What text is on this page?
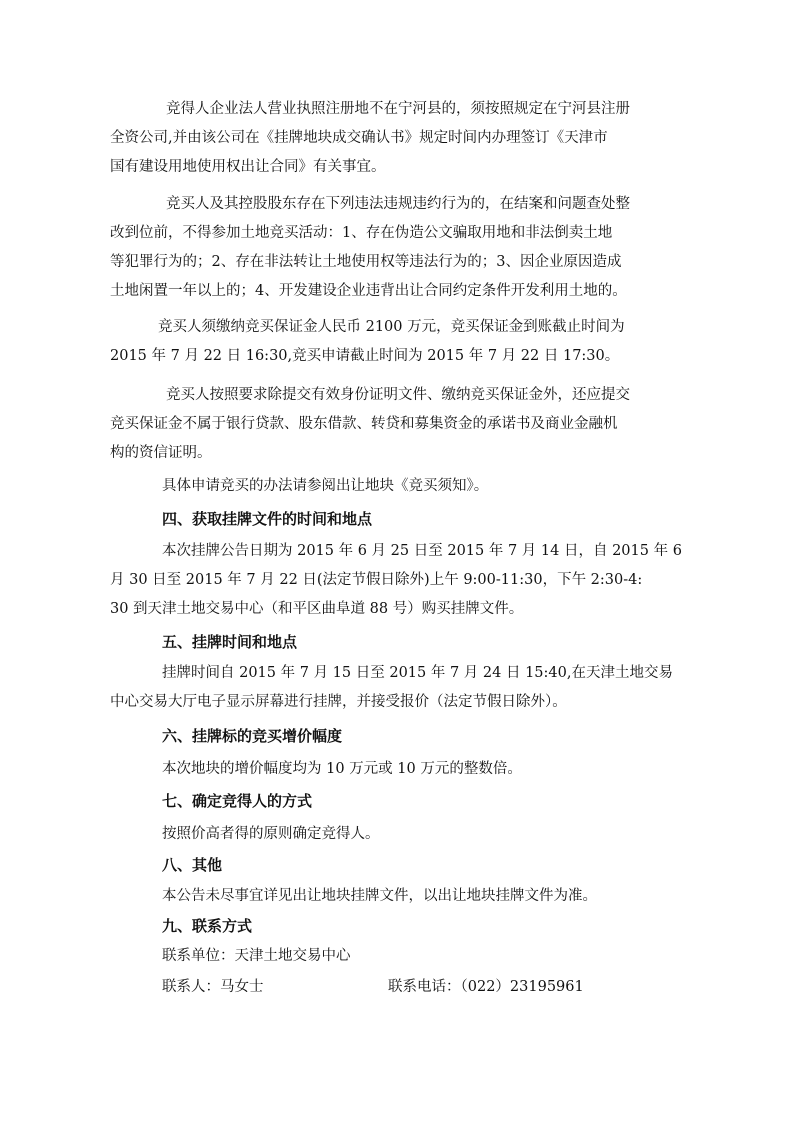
竞得人企业法人营业执照注册地不在宁河县的，须按照规定在宁河县注册
全资公司,并由该公司在《挂牌地块成交确认书》规定时间内办理签订《天津市
国有建设用地使用权出让合同》有关事宜。
竞买人及其控股股东存在下列违法违规违约行为的，在结案和问题查处整
改到位前，不得参加土地竞买活动：1、存在伪造公文骗取用地和非法倒卖土地
等犯罪行为的；2、存在非法转让土地使用权等违法行为的；3、因企业原因造成
土地闲置一年以上的；4、开发建设企业违背出让合同约定条件开发利用土地的。
竞买人须缴纳竞买保证金人民币 2100 万元，竞买保证金到账截止时间为
2015 年 7 月 22 日 16:30,竞买申请截止时间为 2015 年 7 月 22 日 17:30。
竞买人按照要求除提交有效身份证明文件、缴纳竞买保证金外，还应提交
竞买保证金不属于银行贷款、股东借款、转贷和募集资金的承诺书及商业金融机
构的资信证明。
具体申请竞买的办法请参阅出让地块《竞买须知》。
四、获取挂牌文件的时间和地点
本次挂牌公告日期为 2015 年 6 月 25 日至 2015 年 7 月 14 日，自 2015 年 6
月 30 日至 2015 年 7 月 22 日(法定节假日除外)上午 9:00-11:30，下午 2:30-4:
30 到天津土地交易中心（和平区曲阜道 88 号）购买挂牌文件。
五、挂牌时间和地点
挂牌时间自 2015 年 7 月 15 日至 2015 年 7 月 24 日 15:40,在天津土地交易
中心交易大厅电子显示屏幕进行挂牌，并接受报价（法定节假日除外）。
六、挂牌标的竞买增价幅度
本次地块的增价幅度均为 10 万元或 10 万元的整数倍。
七、确定竞得人的方式
按照价高者得的原则确定竞得人。
八、其他
本公告未尽事宜详见出让地块挂牌文件，以出让地块挂牌文件为准。
九、联系方式
联系单位：天津土地交易中心
联系人：马女士	联系电话：（022）23195961
